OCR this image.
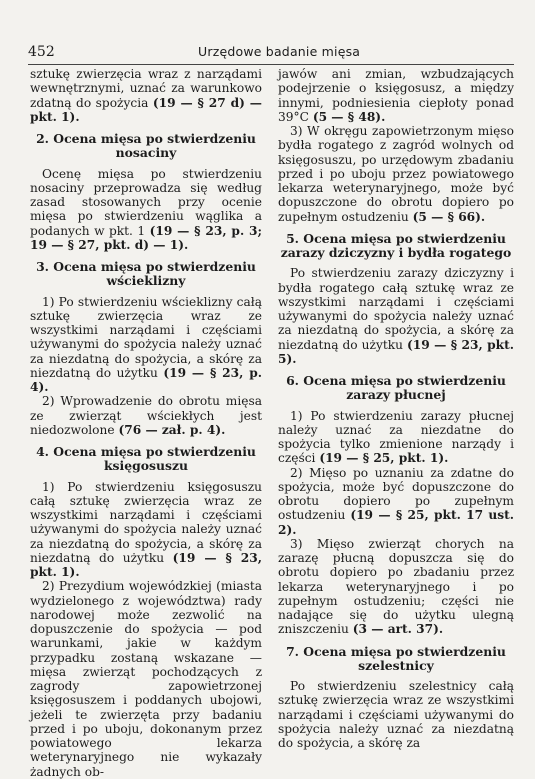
452	Urzędowe badanie mięsa

sztukę zwierzęcia wraz z narządami wewnętrznymi, uznać za warunkowo zdatną do spożycia (19 — § 27 d) — pkt. 1).

2. Ocena mięsa po stwierdzeniu nosaciny

Ocenę mięsa po stwierdzeniu nosaciny przeprowadza się według zasad stosowanych przy ocenie mięsa po stwierdzeniu wąglika a podanych w pkt. 1 (19 — § 23, p. 3; 19 — § 27, pkt. d) — 1).

3. Ocena mięsa po stwierdzeniu wścieklizny

1) Po stwierdzeniu wścieklizny całą sztukę zwierzęcia wraz ze wszystkimi narządami i częściami używanymi do spożycia należy uznać za niezdatną do spożycia, a skórę za niezdatną do użytku (19 — § 23, p. 4).

2) Wprowadzenie do obrotu mięsa ze zwierząt wściekłych jest niedozwolone (76 — zał. p. 4).

4. Ocena mięsa po stwierdzeniu księgosuszu

1) Po stwierdzeniu księgosuszu całą sztukę zwierzęcia wraz ze wszystkimi narządami i częściami używanymi do spożycia należy uznać za niezdatną do spożycia, a skórę za niezdatną do użytku (19 — § 23, pkt. 1).

2) Prezydium wojewódzkiej (miasta wydzielonego z województwa) rady narodowej może zezwolić na dopuszczenie do spożycia — pod warunkami, jakie w każdym przypadku zostaną wskazane — mięsa zwierząt pochodzących z zagrody zapowietrzonej księgosuszem i poddanych ubojowi, jeżeli te zwierzęta przy badaniu przed i po uboju, dokonanym przez powiatowego lekarza weterynaryjnego nie wykazały żadnych ob-

jawów ani zmian, wzbudzających podejrzenie o księgosusz, a między innymi, podniesienia ciepłoty ponad 39°C (5 — § 48).

3) W okręgu zapowietrzonym mięso bydła rogatego z zagród wolnych od księgosuszu, po urzędowym zbadaniu przed i po uboju przez powiatowego lekarza weterynaryjnego, może być dopuszczone do obrotu dopiero po zupełnym ostudzeniu (5 — § 66).

5. Ocena mięsa po stwierdzeniu zarazy dziczyzny i bydła rogatego

Po stwierdzeniu zarazy dziczyzny i bydła rogatego całą sztukę wraz ze wszystkimi narządami i częściami używanymi do spożycia należy uznać za niezdatną do spożycia, a skórę za niezdatną do użytku (19 — § 23, pkt. 5).

6. Ocena mięsa po stwierdzeniu zarazy płucnej

1) Po stwierdzeniu zarazy płucnej należy uznać za niezdatne do spożycia tylko zmienione narządy i części (19 — § 25, pkt. 1).

2) Mięso po uznaniu za zdatne do spożycia, może być dopuszczone do obrotu dopiero po zupełnym ostudzeniu (19 — § 25, pkt. 17 ust. 2).

3) Mięso zwierząt chorych na zarazę płucną dopuszcza się do obrotu dopiero po zbadaniu przez lekarza weterynaryjnego i po zupełnym ostudzeniu; części nie nadające się do użytku ulegną zniszczeniu (3 — art. 37).

7. Ocena mięsa po stwierdzeniu szelestnicy

Po stwierdzeniu szelestnicy całą sztukę zwierzęcia wraz ze wszystkimi narządami i częściami używanymi do spożycia należy uznać za niezdatną do spożycia, a skórę za
